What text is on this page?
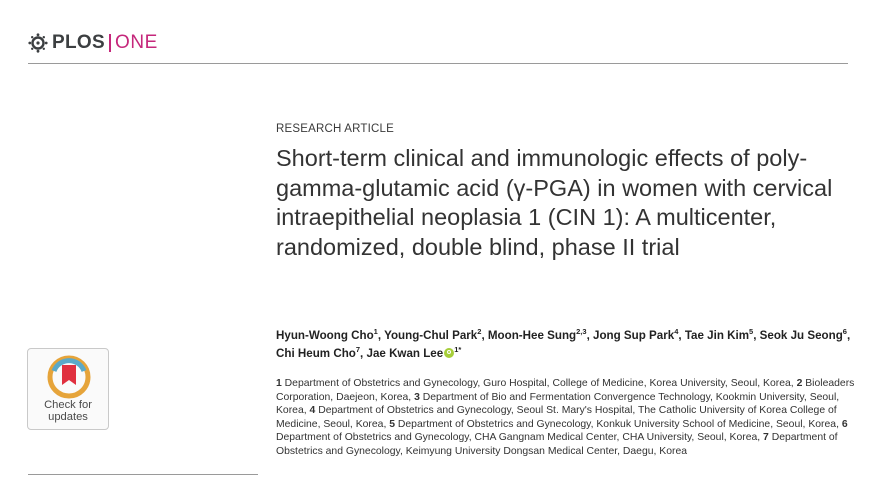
PLOS ONE
RESEARCH ARTICLE
Short-term clinical and immunologic effects of poly-gamma-glutamic acid (γ-PGA) in women with cervical intraepithelial neoplasia 1 (CIN 1): A multicenter, randomized, double blind, phase II trial
Hyun-Woong Cho$^1$, Young-Chul Park$^2$, Moon-Hee Sung$^{2,3}$, Jong Sup Park$^4$, Tae Jin Kim$^5$, Seok Ju Seong$^6$, Chi Heum Cho$^7$, Jae Kwan Lee $^{1*}$
1 Department of Obstetrics and Gynecology, Guro Hospital, College of Medicine, Korea University, Seoul, Korea, 2 Bioleaders Corporation, Daejeon, Korea, 3 Department of Bio and Fermentation Convergence Technology, Kookmin University, Seoul, Korea, 4 Department of Obstetrics and Gynecology, Seoul St. Mary's Hospital, The Catholic University of Korea College of Medicine, Seoul, Korea, 5 Department of Obstetrics and Gynecology, Konkuk University School of Medicine, Seoul, Korea, 6 Department of Obstetrics and Gynecology, CHA Gangnam Medical Center, CHA University, Seoul, Korea, 7 Department of Obstetrics and Gynecology, Keimyung University Dongsan Medical Center, Daegu, Korea
Check for
updates
